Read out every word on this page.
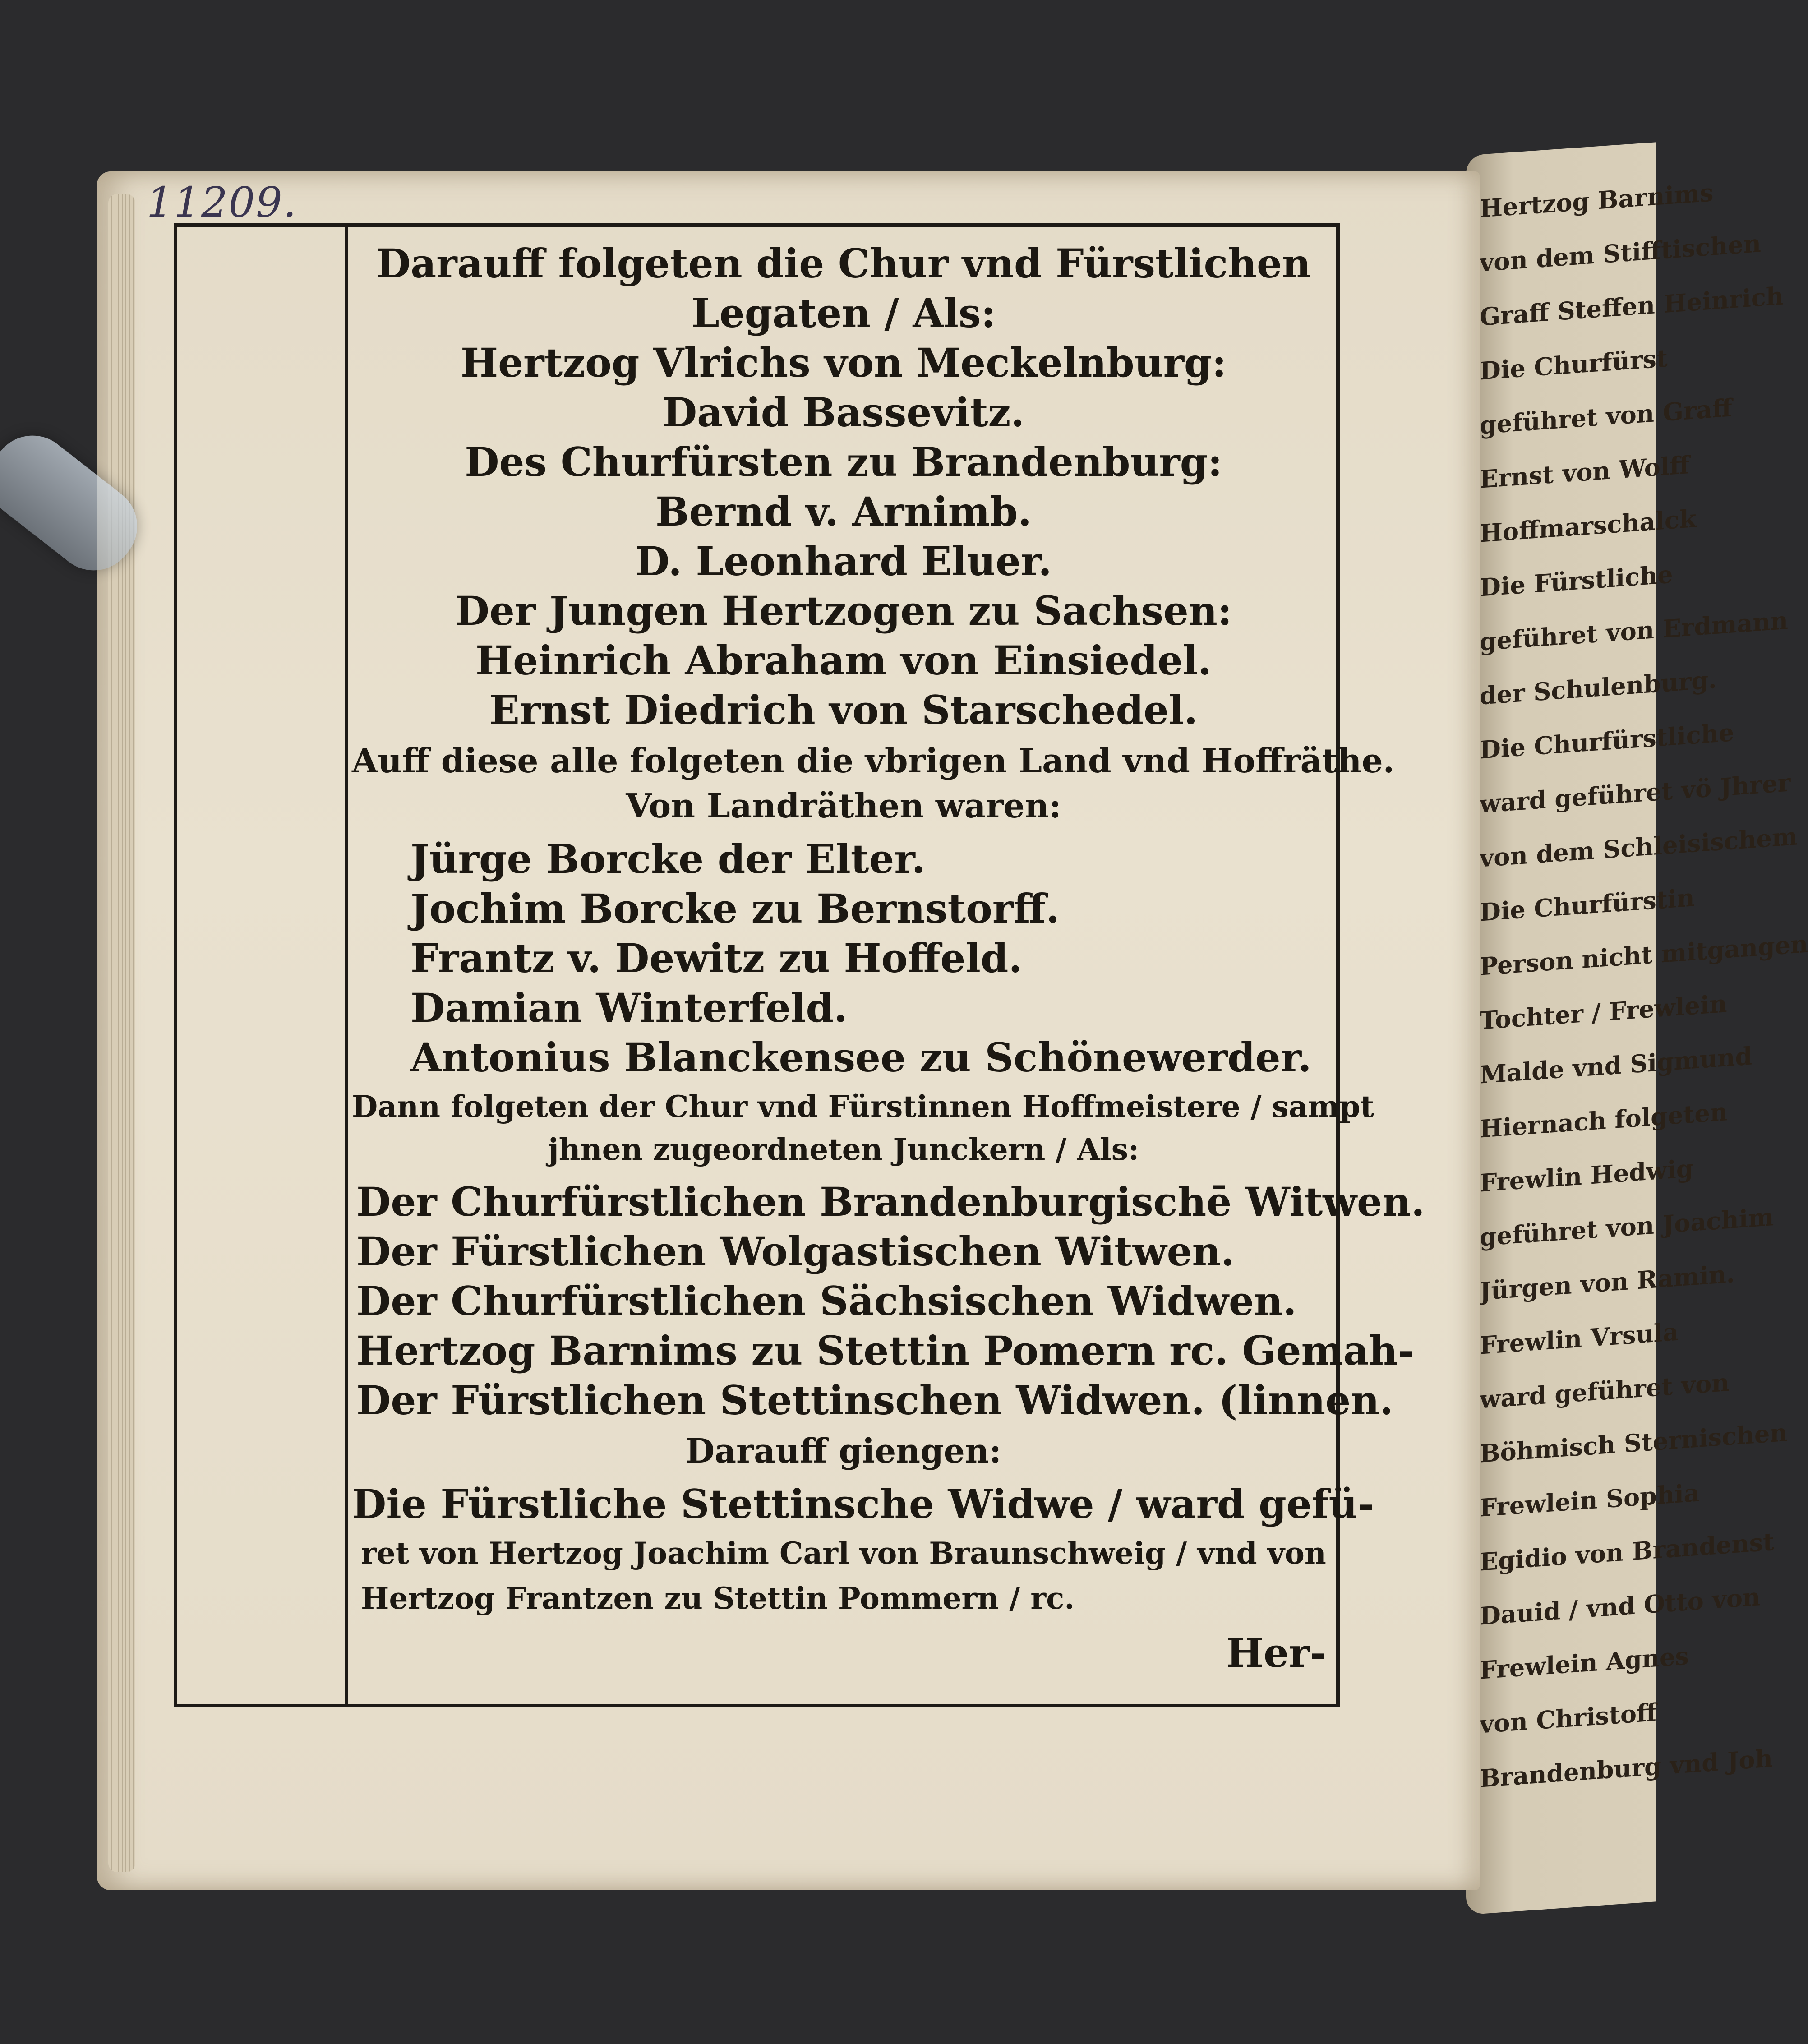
Hertzog Barnims
von dem Stifftischen
Graff Steffen Heinrich
Die Churfürst
geführet von Graff
Ernst von Wolff
Hoffmarschalck
Die Fürstliche
geführet von Erdmann
der Schulenburg.
Die Churfürstliche
ward geführet vö Jhrer
von dem Schleisischem
Die Churfürstin
Person nicht mitgangen
Tochter / Frewlein
Malde vnd Sigmund
Hiernach folgeten
Frewlin Hedwig
geführet von Joachim
Jürgen von Ramin.
Frewlin Vrsula
ward geführet von
Böhmisch Sternischen
Frewlein Sophia
Egidio von Brandenst
Dauid / vnd Otto von
Frewlein Agnes
von Christoff
Brandenburg vnd Joh
11209.
Darauff folgeten die Chur vnd Fürstlichen
Legaten / Als:
Hertzog Vlrichs von Meckelnburg:
David Bassevitz.
Des Churfürsten zu Brandenburg:
Bernd v. Arnimb.
D. Leonhard Eluer.
Der Jungen Hertzogen zu Sachsen:
Heinrich Abraham von Einsiedel.
Ernst Diedrich von Starschedel.
Auff diese alle folgeten die vbrigen Land vnd Hoffräthe.
Von Landräthen waren:
Jürge Borcke der Elter.
Jochim Borcke zu Bernstorff.
Frantz v. Dewitz zu Hoffeld.
Damian Winterfeld.
Antonius Blanckensee zu Schönewerder.
Dann folgeten der Chur vnd Fürstinnen Hoffmeistere / sampt
jhnen zugeordneten Junckern / Als:
Der Churfürstlichen Brandenburgischē Witwen.
Der Fürstlichen Wolgastischen Witwen.
Der Churfürstlichen Sächsischen Widwen.
Hertzog Barnims zu Stettin Pomern rc. Gemah-
Der Fürstlichen Stettinschen Widwen. (linnen.
Darauff giengen:
Die Fürstliche Stettinsche Widwe / ward gefü-
ret von Hertzog Joachim Carl von Braunschweig / vnd von
Hertzog Frantzen zu Stettin Pommern / rc.
Her-
